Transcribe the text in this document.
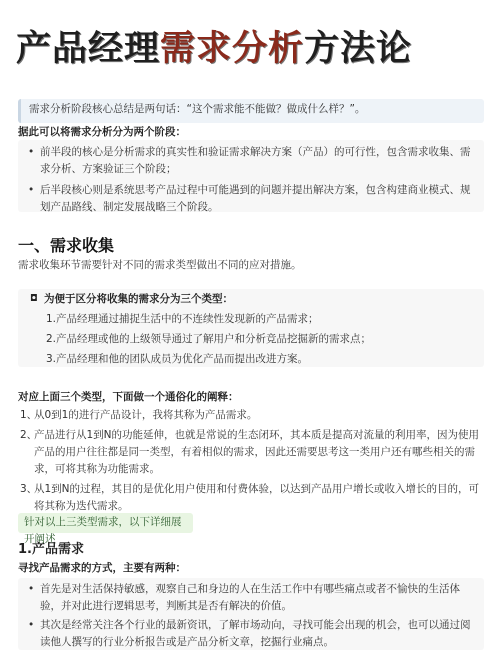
产品经理需求分析方法论
需求分析阶段核心总结是两句话：“这个需求能不能做？做成什么样？”。
据此可以将需求分析分为两个阶段：
• 前半段的核心是分析需求的真实性和验证需求解决方案（产品）的可行性，包含需求收集、需求分析、方案验证三个阶段；
• 后半段核心则是系统思考产品过程中可能遇到的问题并提出解决方案，包含构建商业模式、规划产品路线、制定发展战略三个阶段。
一、需求收集
需求收集环节需要针对不同的需求类型做出不同的应对措施。
◘ 为便于区分将收集的需求分为三个类型：
1.产品经理通过捕捉生活中的不连续性发现新的产品需求；
2.产品经理或他的上级领导通过了解用户和分析竞品挖掘新的需求点；
3.产品经理和他的团队成员为优化产品而提出改进方案。
对应上面三个类型，下面做一个通俗化的阐释：
1、
从0到1的进行产品设计，我将其称为产品需求。
2、
产品进行从1到N的功能延伸，也就是常说的生态闭环，其本质是提高对流量的利用率，因为使用产品的用户往往都是同一类型，有着相似的需求，因此还需要思考这一类用户还有哪些相关的需求，可将其称为功能需求。
3、
从1到N的过程，其目的是优化用户使用和付费体验，以达到产品用户增长或收入增长的目的，可将其称为迭代需求。
针对以上三类型需求，以下详细展开阐述
1.产品需求
寻找产品需求的方式，主要有两种：
• 首先是对生活保持敏感，观察自己和身边的人在生活工作中有哪些痛点或者不愉快的生活体验，并对此进行逻辑思考，判断其是否有解决的价值。
• 其次是经常关注各个行业的最新资讯，了解市场动向，寻找可能会出现的机会，也可以通过阅读他人撰写的行业分析报告或是产品分析文章，挖掘行业痛点。
